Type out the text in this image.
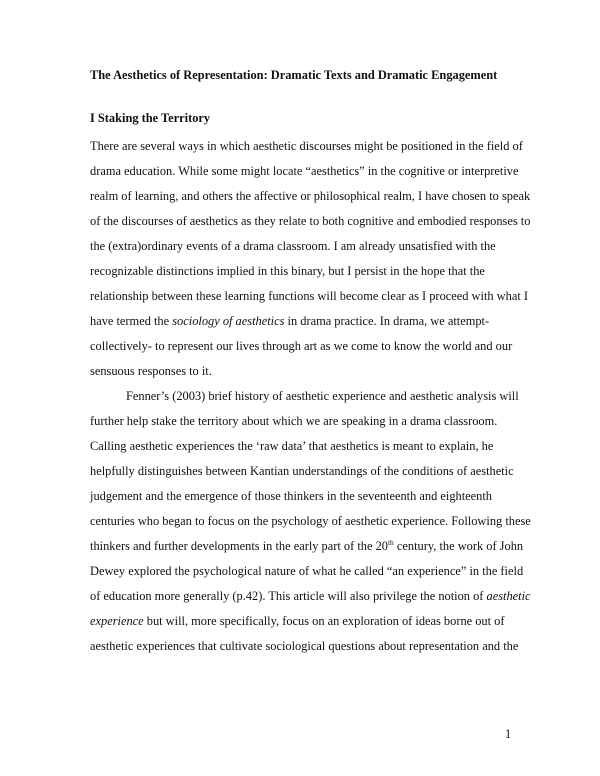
The Aesthetics of Representation: Dramatic Texts and Dramatic Engagement
I Staking the Territory
There are several ways in which aesthetic discourses might be positioned in the field of
drama education. While some might locate “aesthetics” in the cognitive or interpretive
realm of learning, and others the affective or philosophical realm, I have chosen to speak
of the discourses of aesthetics as they relate to both cognitive and embodied responses to
the (extra)ordinary events of a drama classroom. I am already unsatisfied with the
recognizable distinctions implied in this binary, but I persist in the hope that the
relationship between these learning functions will become clear as I proceed with what I
have termed the sociology of aesthetics in drama practice. In drama, we attempt-
collectively- to represent our lives through art as we come to know the world and our
sensuous responses to it.
Fenner’s (2003) brief history of aesthetic experience and aesthetic analysis will
further help stake the territory about which we are speaking in a drama classroom.
Calling aesthetic experiences the ‘raw data’ that aesthetics is meant to explain, he
helpfully distinguishes between Kantian understandings of the conditions of aesthetic
judgement and the emergence of those thinkers in the seventeenth and eighteenth
centuries who began to focus on the psychology of aesthetic experience. Following these
thinkers and further developments in the early part of the 20th century, the work of John
Dewey explored the psychological nature of what he called “an experience” in the field
of education more generally (p.42). This article will also privilege the notion of aesthetic
experience but will, more specifically, focus on an exploration of ideas borne out of
aesthetic experiences that cultivate sociological questions about representation and the
1
